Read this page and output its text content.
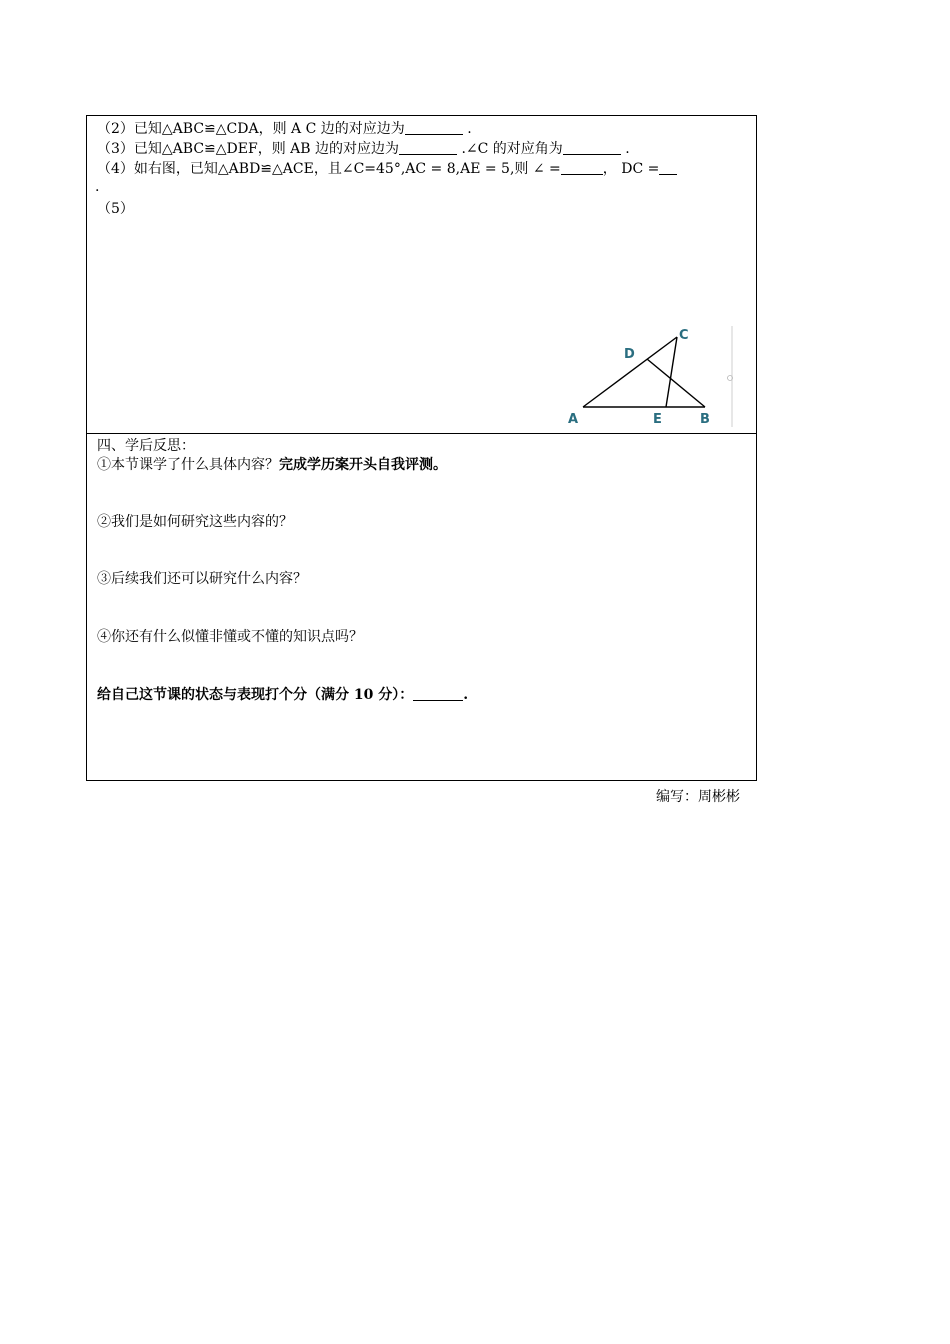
（2）已知△ABC≌△CDA，则 A C 边的对应边为	.
（3）已知△ABC≌△DEF，则 AB 边的对应边为	.∠C 的对应角为	.
（4）如右图，已知△ABD≌△ACE，且∠C=45°,AC = 8,AE = 5,则 ∠ =	， DC =
.
（5）
A	B
C
D
E
四、学后反思：
①本节课学了什么具体内容？完成学历案开头自我评测。
②我们是如何研究这些内容的？
③后续我们还可以研究什么内容？
④你还有什么似懂非懂或不懂的知识点吗？
给自己这节课的状态与表现打个分（满分 10 分）：	.
编写：周彬彬
